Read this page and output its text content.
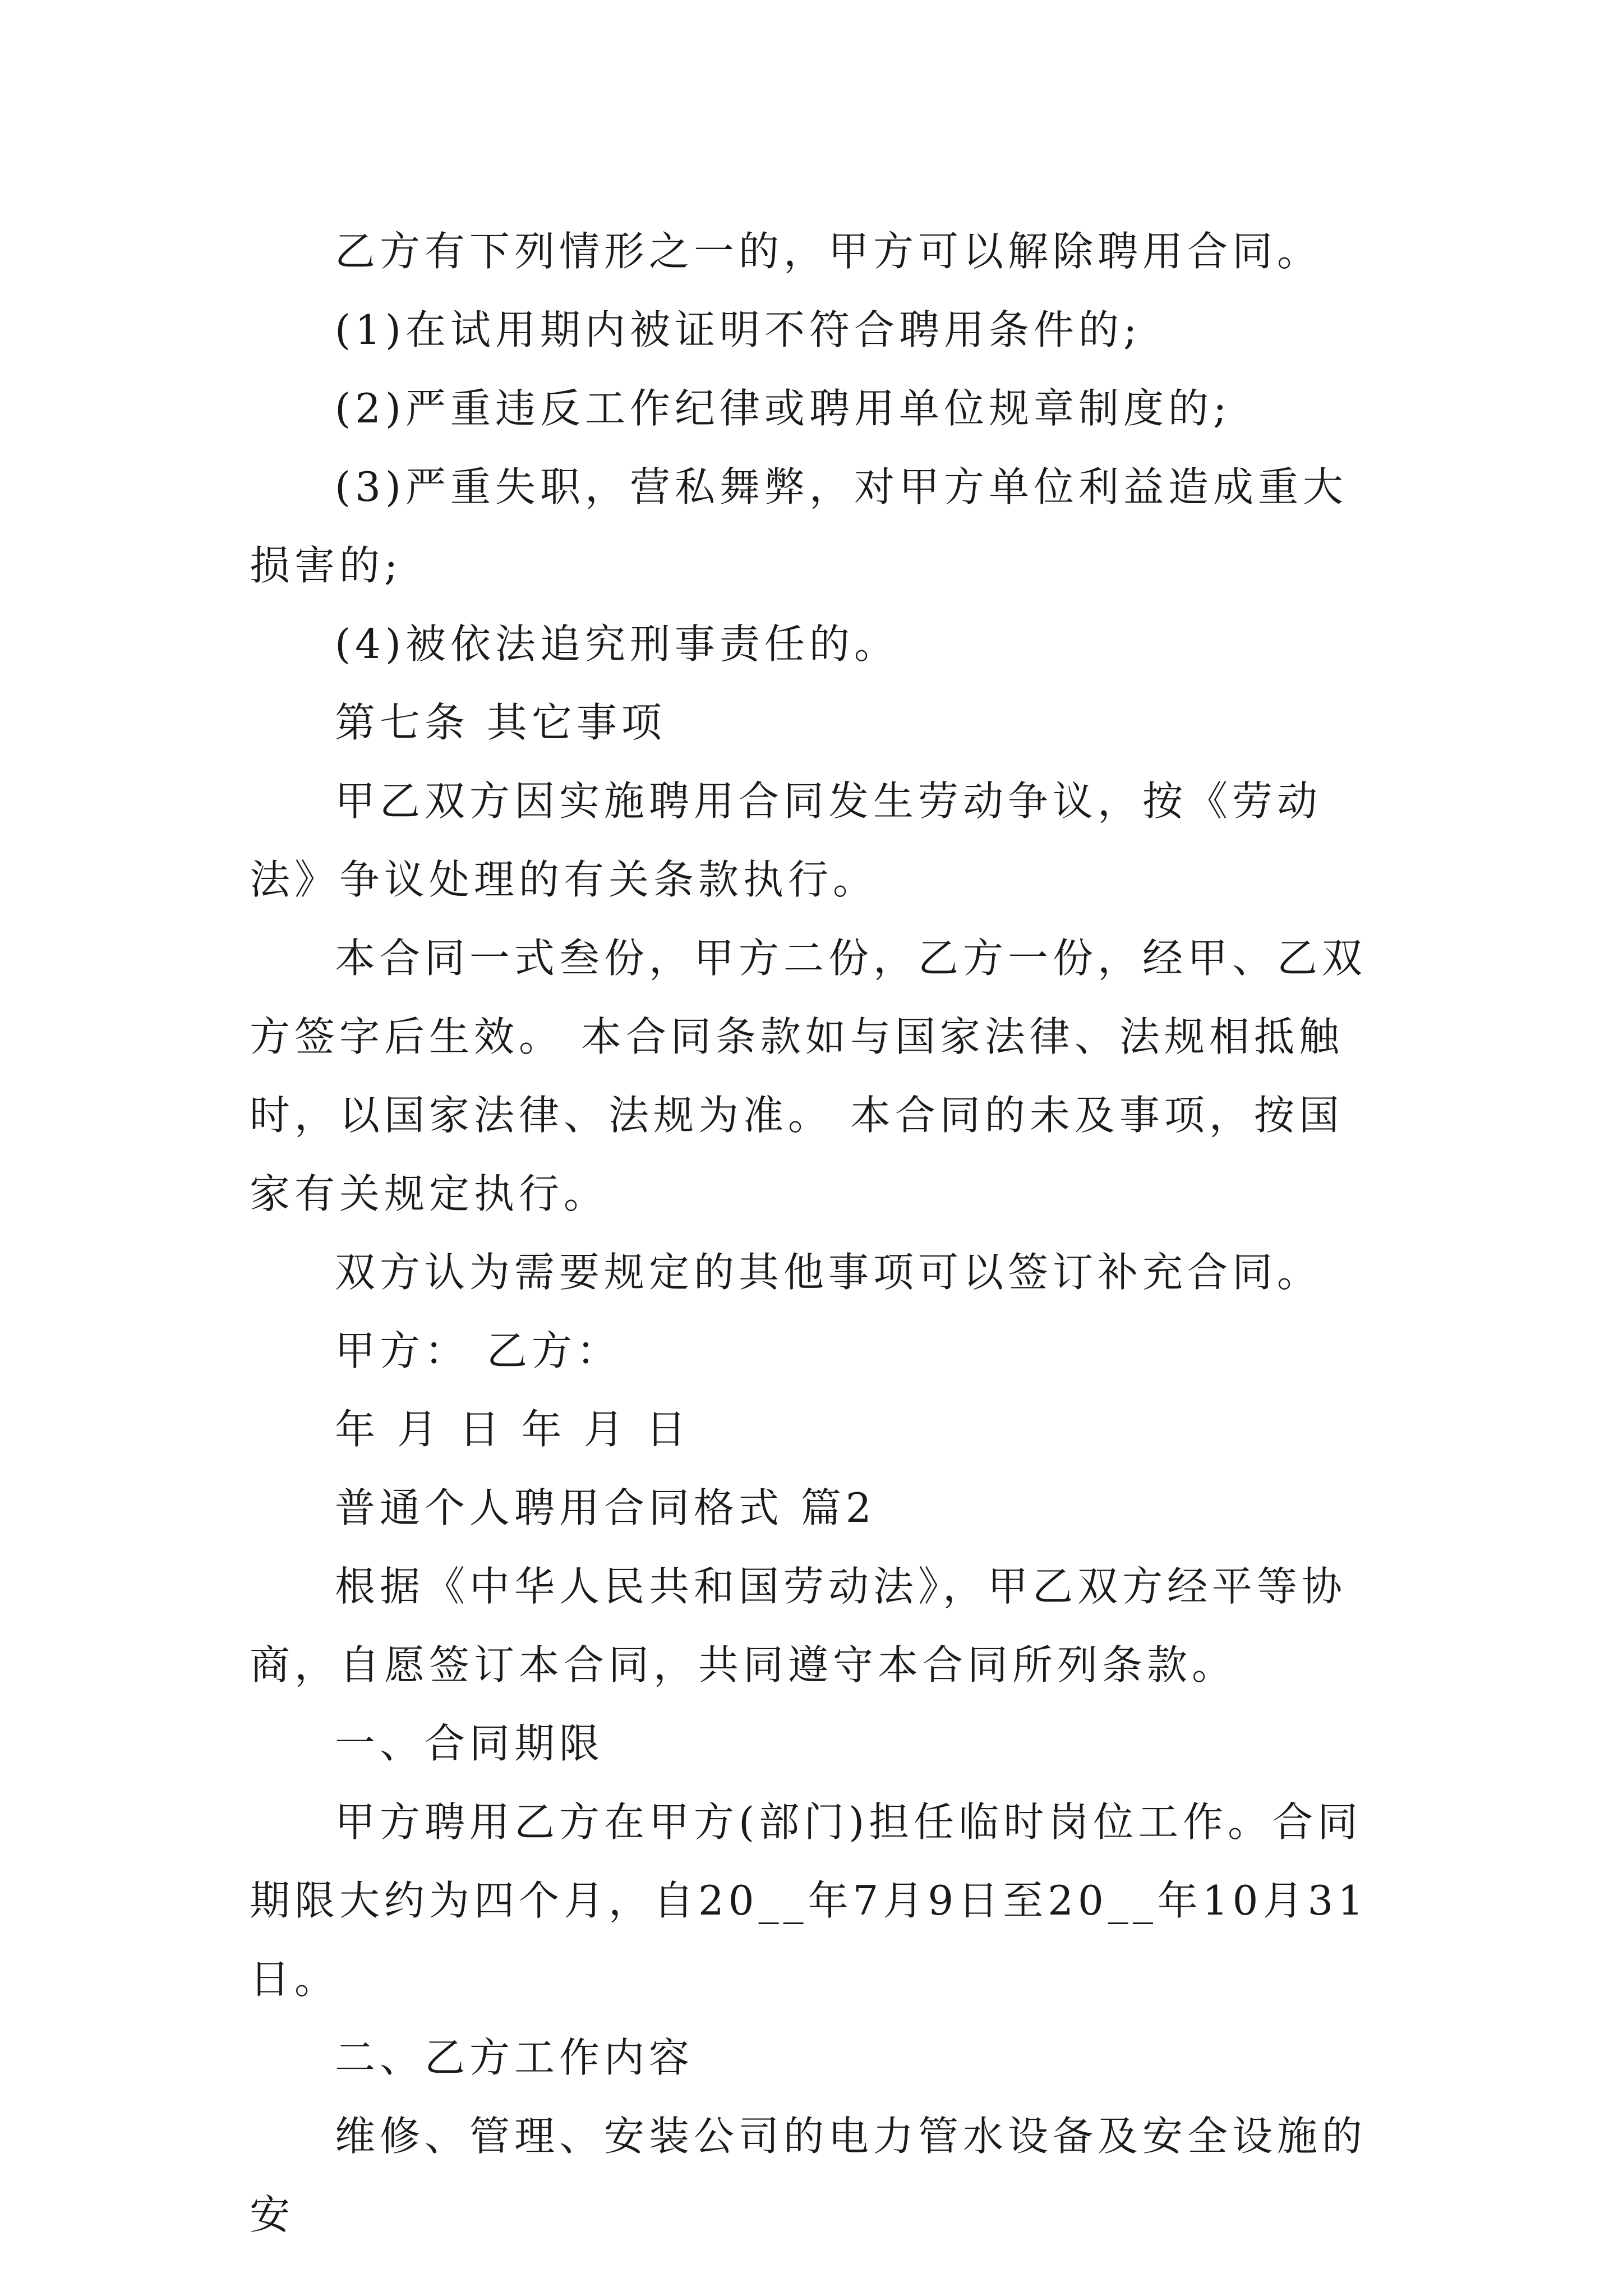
乙方有下列情形之一的，甲方可以解除聘用合同。

(1)在试用期内被证明不符合聘用条件的;

(2)严重违反工作纪律或聘用单位规章制度的;

(3)严重失职，营私舞弊，对甲方单位利益造成重大损害的;

(4)被依法追究刑事责任的。

第七条 其它事项

甲乙双方因实施聘用合同发生劳动争议，按《劳动法》争议处理的有关条款执行。

本合同一式叁份，甲方二份，乙方一份，经甲、乙双方签字后生效。 本合同条款如与国家法律、法规相抵触时，以国家法律、法规为准。 本合同的未及事项，按国家有关规定执行。

双方认为需要规定的其他事项可以签订补充合同。

甲方： 乙方：

年 月 日 年 月 日

普通个人聘用合同格式 篇2

根据《中华人民共和国劳动法》，甲乙双方经平等协商，自愿签订本合同，共同遵守本合同所列条款。

一、合同期限

甲方聘用乙方在甲方(部门)担任临时岗位工作。合同期限大约为四个月，自20__年7月9日至20__年10月31日。

二、乙方工作内容

维修、管理、安装公司的电力管水设备及安全设施的安
